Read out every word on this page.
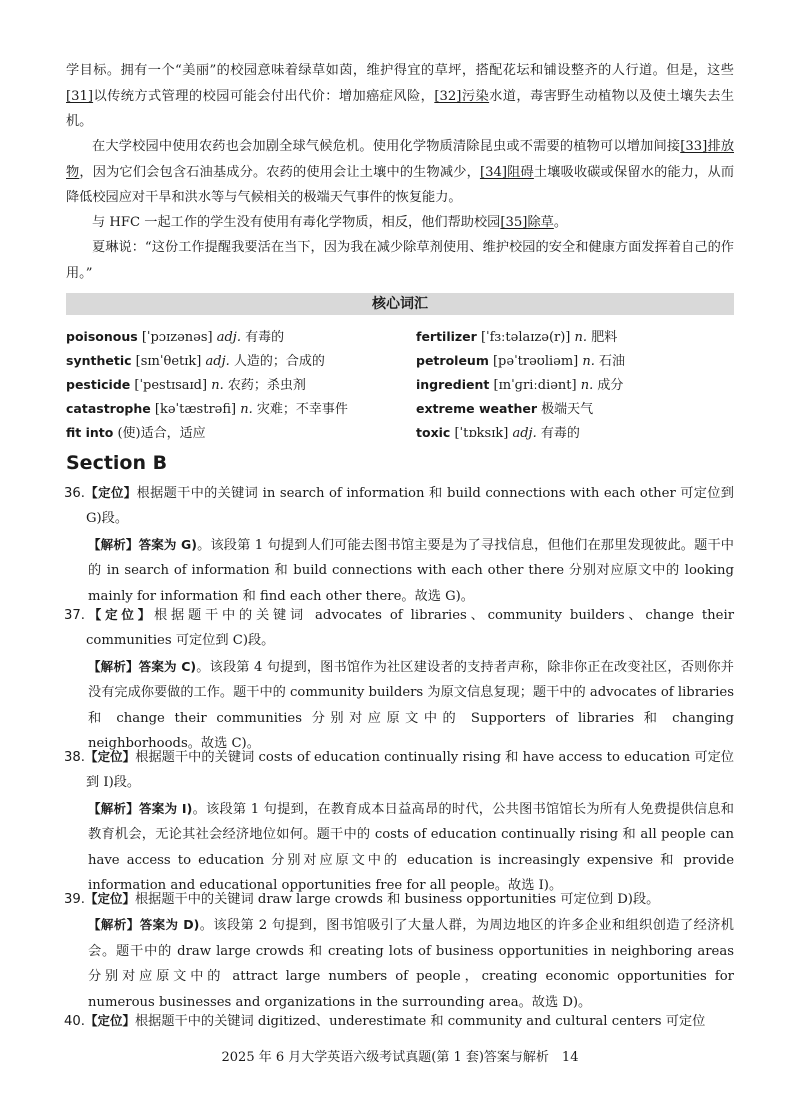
学目标。拥有一个“美丽”的校园意味着绿草如茵，维护得宜的草坪，搭配花坛和铺设整齐的人行道。但是，这些[31]以传统方式管理的校园可能会付出代价：增加癌症风险，[32]污染水道，毒害野生动植物以及使土壤失去生机。
在大学校园中使用农药也会加剧全球气候危机。使用化学物质清除昆虫或不需要的植物可以增加间接[33]排放物，因为它们会包含石油基成分。农药的使用会让土壤中的生物减少，[34]阻碍土壤吸收碳或保留水的能力，从而降低校园应对干旱和洪水等与气候相关的极端天气事件的恢复能力。
与 HFC 一起工作的学生没有使用有毒化学物质，相反，他们帮助校园[35]除草。
夏琳说：“这份工作提醒我要活在当下，因为我在减少除草剂使用、维护校园的安全和健康方面发挥着自己的作用。”
核心词汇
poisonous [ˈpɔɪzənəs] adj. 有毒的	fertilizer [ˈfɜːtəlaɪzə(r)] n. 肥料
synthetic [sɪnˈθetɪk] adj. 人造的；合成的	petroleum [pəˈtrəʊliəm] n. 石油
pesticide [ˈpestɪsaɪd] n. 农药；杀虫剂	ingredient [ɪnˈɡriːdiənt] n. 成分
catastrophe [kəˈtæstrəfi] n. 灾难；不幸事件	extreme weather 极端天气
fit into (使)适合，适应	toxic [ˈtɒksɪk] adj. 有毒的
Section B
36.【定位】根据题干中的关键词 in search of information 和 build connections with each other 可定位到 G)段。
【解析】答案为 G)。该段第 1 句提到人们可能去图书馆主要是为了寻找信息，但他们在那里发现彼此。题干中的 in search of information 和 build connections with each other there 分别对应原文中的 looking mainly for information 和 find each other there。故选 G)。
37.【定位】根据题干中的关键词 advocates of libraries、community builders、change their communities 可定位到 C)段。
【解析】答案为 C)。该段第 4 句提到，图书馆作为社区建设者的支持者声称，除非你正在改变社区，否则你并没有完成你要做的工作。题干中的 community builders 为原文信息复现；题干中的 advocates of libraries 和 change their communities 分别对应原文中的 Supporters of libraries 和 changing neighborhoods。故选 C)。
38.【定位】根据题干中的关键词 costs of education continually rising 和 have access to education 可定位到 I)段。
【解析】答案为 I)。该段第 1 句提到，在教育成本日益高昂的时代，公共图书馆馆长为所有人免费提供信息和教育机会，无论其社会经济地位如何。题干中的 costs of education continually rising 和 all people can have access to education 分别对应原文中的 education is increasingly expensive 和 provide information and educational opportunities free for all people。故选 I)。
39.【定位】根据题干中的关键词 draw large crowds 和 business opportunities 可定位到 D)段。
【解析】答案为 D)。该段第 2 句提到，图书馆吸引了大量人群，为周边地区的许多企业和组织创造了经济机会。题干中的 draw large crowds 和 creating lots of business opportunities in neighboring areas 分别对应原文中的 attract large numbers of people，creating economic opportunities for numerous businesses and organizations in the surrounding area。故选 D)。
40.【定位】根据题干中的关键词 digitized、underestimate 和 community and cultural centers 可定位
2025 年 6 月大学英语六级考试真题(第 1 套)答案与解析　14
